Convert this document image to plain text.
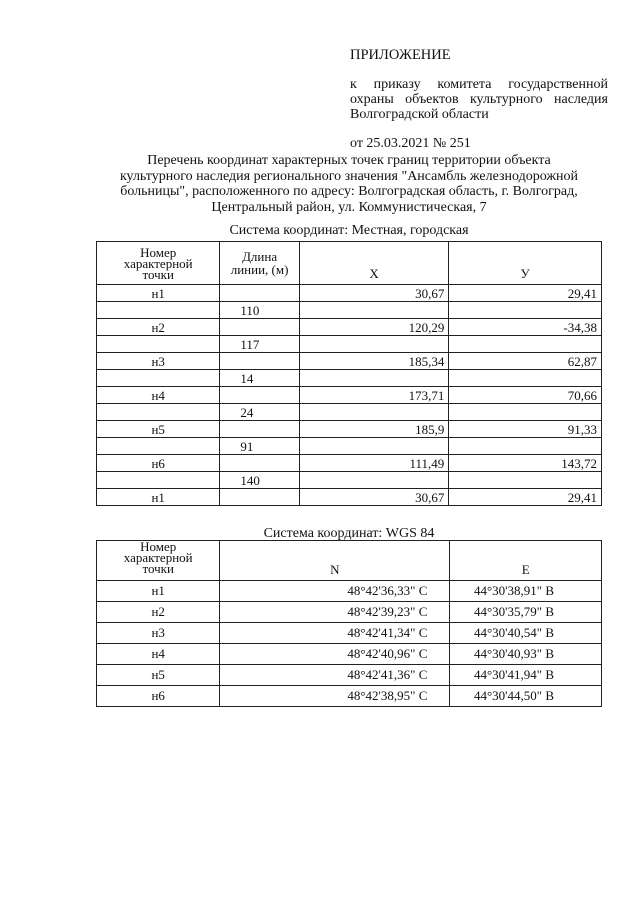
ПРИЛОЖЕНИЕ
к приказу комитета государственной
охраны объектов культурного наследия
Волгоградской области
от 25.03.2021 № 251
Перечень координат характерных точек границ территории объекта
культурного наследия регионального значения "Ансамбль железнодорожной
больницы", расположенного по адресу: Волгоградская область, г. Волгоград,
Центральный район, ул. Коммунистическая, 7
Система координат: Местная, городская
Номер
характерной
точки	Длина
линии, (м)	X	У
н1		30,67	29,41
	110		
н2		120,29	-34,38
	117		
н3		185,34	62,87
	14		
н4		173,71	70,66
	24		
н5		185,9	91,33
	91		
н6		111,49	143,72
	140		
н1		30,67	29,41
Система координат: WGS 84
Номер
характерной
точки	N	E
н1	48°42'36,33" С	44°30'38,91" В
н2	48°42'39,23" С	44°30'35,79" В
н3	48°42'41,34" С	44°30'40,54" В
н4	48°42'40,96" С	44°30'40,93" В
н5	48°42'41,36" С	44°30'41,94" В
н6	48°42'38,95" С	44°30'44,50" В
